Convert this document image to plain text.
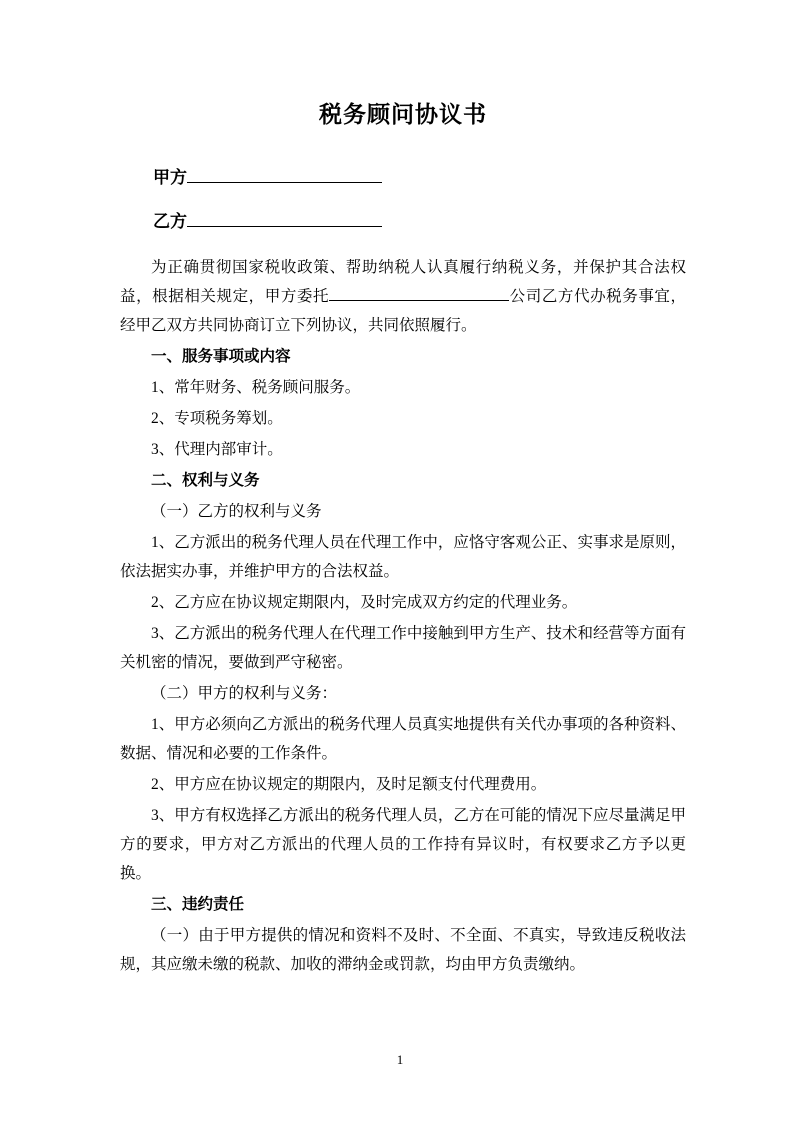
税务顾问协议书
甲方
乙方

为正确贯彻国家税收政策、帮助纳税人认真履行纳税义务，并保护其合法权益，根据相关规定，甲方委托	公司乙方代办税务事宜，经甲乙双方共同协商订立下列协议，共同依照履行。

一、服务事项或内容

1、常年财务、税务顾问服务。

2、专项税务筹划。

3、代理内部审计。

二、权利与义务

（一）乙方的权利与义务

1、乙方派出的税务代理人员在代理工作中，应恪守客观公正、实事求是原则，依法据实办事，并维护甲方的合法权益。

2、乙方应在协议规定期限内，及时完成双方约定的代理业务。

3、乙方派出的税务代理人在代理工作中接触到甲方生产、技术和经营等方面有关机密的情况，要做到严守秘密。

（二）甲方的权利与义务：

1、甲方必须向乙方派出的税务代理人员真实地提供有关代办事项的各种资料、数据、情况和必要的工作条件。

2、甲方应在协议规定的期限内，及时足额支付代理费用。

3、甲方有权选择乙方派出的税务代理人员，乙方在可能的情况下应尽量满足甲方的要求，甲方对乙方派出的代理人员的工作持有异议时，有权要求乙方予以更换。

三、违约责任

（一）由于甲方提供的情况和资料不及时、不全面、不真实，导致违反税收法规，其应缴未缴的税款、加收的滞纳金或罚款，均由甲方负责缴纳。

1
